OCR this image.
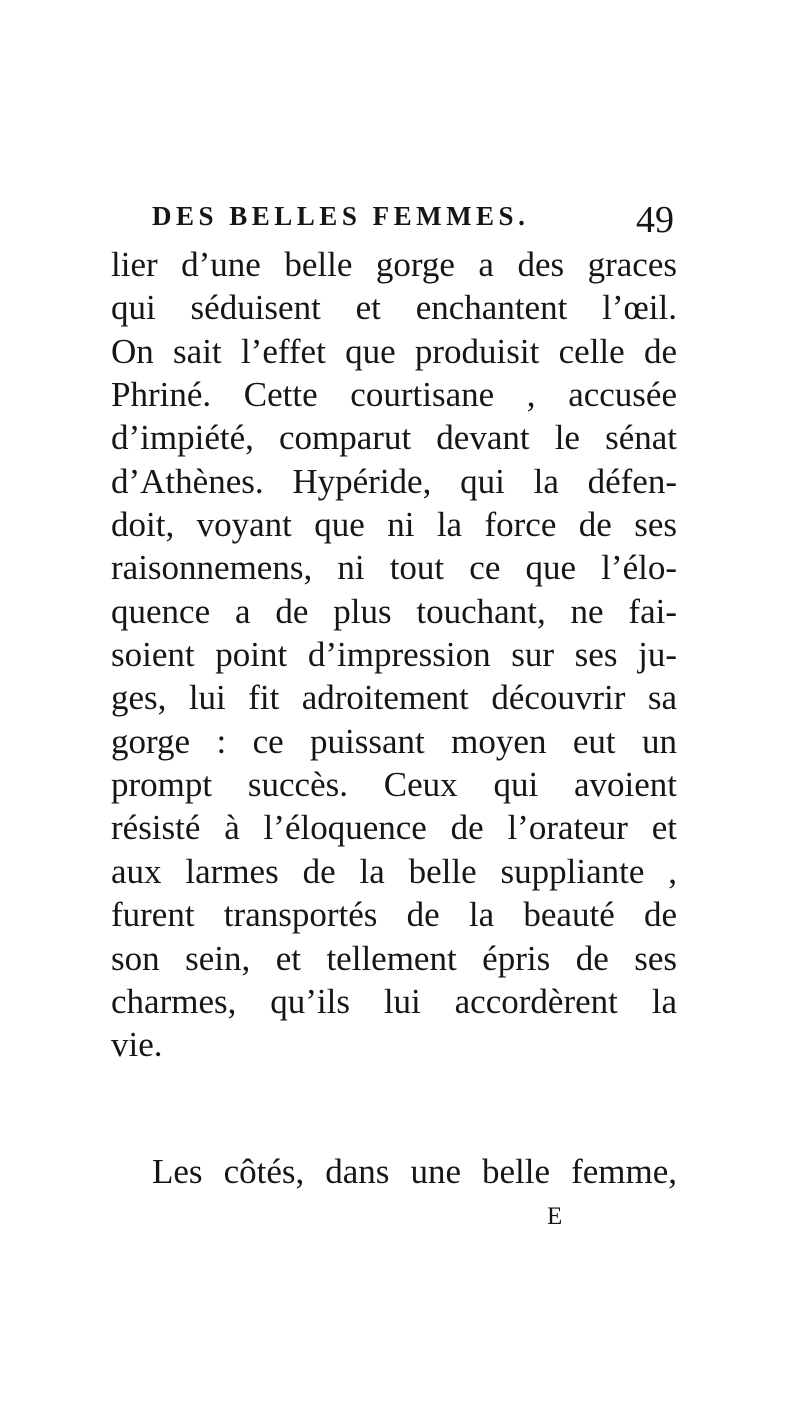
DES BELLES FEMMES.	49
lier d’une belle gorge a des graces
qui séduisent et enchantent l’œil.
On sait l’effet que produisit celle de
Phriné. Cette courtisane , accusée
d’impiété, comparut devant le sénat
d’Athènes. Hypéride, qui la défen-
doit, voyant que ni la force de ses
raisonnemens, ni tout ce que l’élo-
quence a de plus touchant, ne fai-
soient point d’impression sur ses ju-
ges, lui fit adroitement découvrir sa
gorge : ce puissant moyen eut un
prompt succès. Ceux qui avoient
résisté à l’éloquence de l’orateur et
aux larmes de la belle suppliante ,
furent transportés de la beauté de
son sein, et tellement épris de ses
charmes, qu’ils lui accordèrent la
vie.
Les côtés, dans une belle femme,
E
